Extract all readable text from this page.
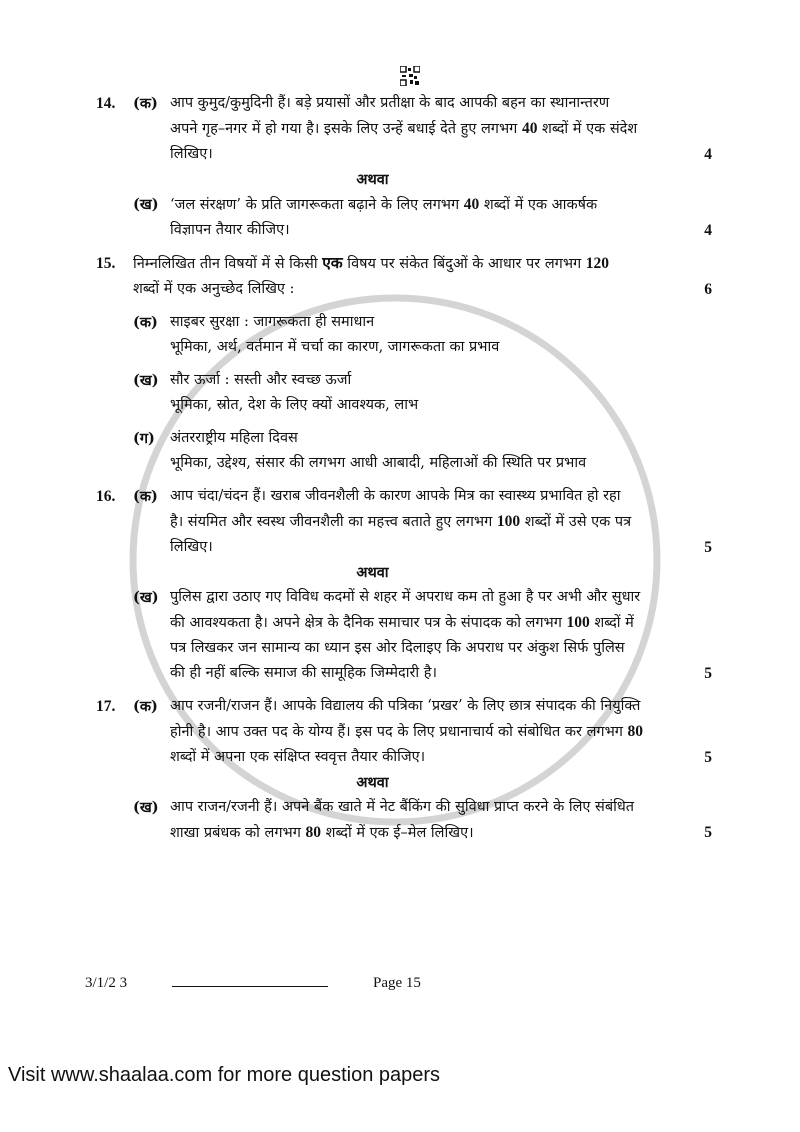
14.	(क) आप कुमुद/कुमुदिनी हैं। बड़े प्रयासों और प्रतीक्षा के बाद आपकी बहन का स्थानान्तरण
अपने गृह–नगर में हो गया है। इसके लिए उन्हें बधाई देते हुए लगभग 40 शब्दों में एक संदेश
लिखिए।	4
अथवा
(ख) ‘जल संरक्षण’ के प्रति जागरूकता बढ़ाने के लिए लगभग 40 शब्दों में एक आकर्षक
विज्ञापन तैयार कीजिए।	4
15.	निम्नलिखित तीन विषयों में से किसी एक विषय पर संकेत बिंदुओं के आधार पर लगभग 120
शब्दों में एक अनुच्छेद लिखिए :	6
(क) साइबर सुरक्षा : जागरूकता ही समाधान
भूमिका, अर्थ, वर्तमान में चर्चा का कारण, जागरूकता का प्रभाव
(ख) सौर ऊर्जा : सस्ती और स्वच्छ ऊर्जा
भूमिका, स्रोत, देश के लिए क्यों आवश्यक, लाभ
(ग)	अंतरराष्ट्रीय महिला दिवस
भूमिका, उद्देश्य, संसार की लगभग आधी आबादी, महिलाओं की स्थिति पर प्रभाव
16.	(क) आप चंदा/चंदन हैं। खराब जीवनशैली के कारण आपके मित्र का स्वास्थ्य प्रभावित हो रहा
है। संयमित और स्वस्थ जीवनशैली का महत्त्व बताते हुए लगभग 100 शब्दों में उसे एक पत्र
लिखिए।	5
अथवा
(ख) पुलिस द्वारा उठाए गए विविध कदमों से शहर में अपराध कम तो हुआ है पर अभी और सुधार
की आवश्यकता है। अपने क्षेत्र के दैनिक समाचार पत्र के संपादक को लगभग 100 शब्दों में
पत्र लिखकर जन सामान्य का ध्यान इस ओर दिलाइए कि अपराध पर अंकुश सिर्फ पुलिस
की ही नहीं बल्कि समाज की सामूहिक जिम्मेदारी है।	5
17.	(क) आप रजनी/राजन हैं। आपके विद्यालय की पत्रिका ‘प्रखर’ के लिए छात्र संपादक की नियुक्ति
होनी है। आप उक्त पद के योग्य हैं। इस पद के लिए प्रधानाचार्य को संबोधित कर लगभग 80
शब्दों में अपना एक संक्षिप्त स्ववृत्त तैयार कीजिए।	5
अथवा
(ख) आप राजन/रजनी हैं। अपने बैंक खाते में नेट बैंकिंग की सुविधा प्राप्त करने के लिए संबंधित
शाखा प्रबंधक को लगभग 80 शब्दों में एक ई–मेल लिखिए।	5
3/1/2 3	Page 15
Visit www.shaalaa.com for more question papers
